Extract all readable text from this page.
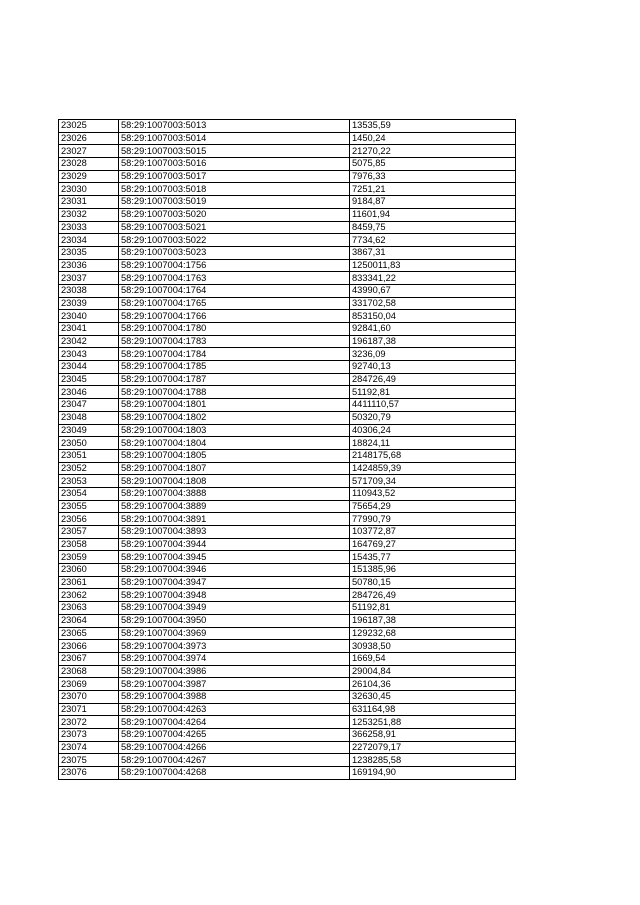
23025	58:29:1007003:5013	13535,59
23026	58:29:1007003:5014	1450,24
23027	58:29:1007003:5015	21270,22
23028	58:29:1007003:5016	5075,85
23029	58:29:1007003:5017	7976,33
23030	58:29:1007003:5018	7251,21
23031	58:29:1007003:5019	9184,87
23032	58:29:1007003:5020	11601,94
23033	58:29:1007003:5021	8459,75
23034	58:29:1007003:5022	7734,62
23035	58:29:1007003:5023	3867,31
23036	58:29:1007004:1756	1250011,83
23037	58:29:1007004:1763	833341,22
23038	58:29:1007004:1764	43990,67
23039	58:29:1007004:1765	331702,58
23040	58:29:1007004:1766	853150,04
23041	58:29:1007004:1780	92841,60
23042	58:29:1007004:1783	196187,38
23043	58:29:1007004:1784	3236,09
23044	58:29:1007004:1785	92740,13
23045	58:29:1007004:1787	284726,49
23046	58:29:1007004:1788	51192,81
23047	58:29:1007004:1801	4411110,57
23048	58:29:1007004:1802	50320,79
23049	58:29:1007004:1803	40306,24
23050	58:29:1007004:1804	18824,11
23051	58:29:1007004:1805	2148175,68
23052	58:29:1007004:1807	1424859,39
23053	58:29:1007004:1808	571709,34
23054	58:29:1007004:3888	110943,52
23055	58:29:1007004:3889	75654,29
23056	58:29:1007004:3891	77990,79
23057	58:29:1007004:3893	103772,87
23058	58:29:1007004:3944	164769,27
23059	58:29:1007004:3945	15435,77
23060	58:29:1007004:3946	151385,96
23061	58:29:1007004:3947	50780,15
23062	58:29:1007004:3948	284726,49
23063	58:29:1007004:3949	51192,81
23064	58:29:1007004:3950	196187,38
23065	58:29:1007004:3969	129232,68
23066	58:29:1007004:3973	30938,50
23067	58:29:1007004:3974	1669,54
23068	58:29:1007004:3986	29004,84
23069	58:29:1007004:3987	26104,36
23070	58:29:1007004:3988	32630,45
23071	58:29:1007004:4263	631164,98
23072	58:29:1007004:4264	1253251,88
23073	58:29:1007004:4265	366258,91
23074	58:29:1007004:4266	2272079,17
23075	58:29:1007004:4267	1238285,58
23076	58:29:1007004:4268	169194,90
